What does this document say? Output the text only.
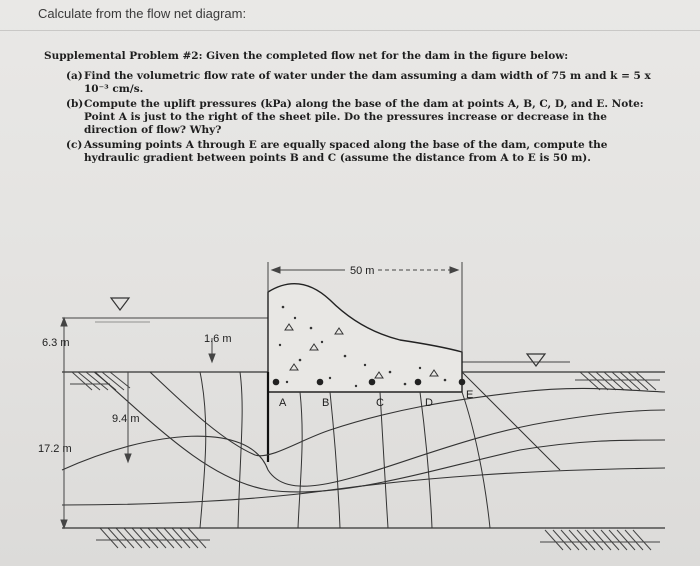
Calculate from the flow net diagram:
Supplemental Problem #2: Given the completed flow net for the dam in the figure below:
(a)Find the volumetric flow rate of water under the dam assuming a dam width of 75 m and k = 5 x 10⁻³ cm/s.
(b)Compute the uplift pressures (kPa) along the base of the dam at points A, B, C, D, and E. Note: Point A is just to the right of the sheet pile. Do the pressures increase or decrease in the direction of flow? Why?
(c) Assuming points A through E are equally spaced along the base of the dam, compute the hydraulic gradient between points B and C (assume the distance from A to E is 50 m).
50 m
6.3 m	1.6 m
9.4 m
17.2 m
A	B	C	D
E
